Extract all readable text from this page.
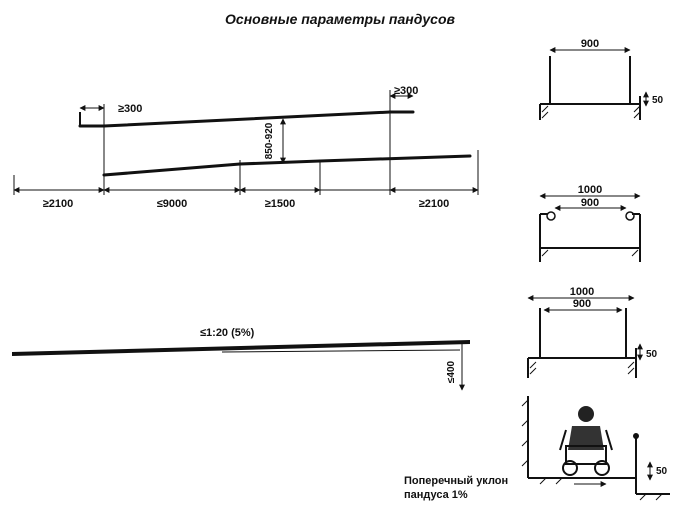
Основные параметры пандусов
≥300
≥300
850-920
≥2100	≤9000	≥1500	≥2100
≤1:20 (5%)
≤400
900
50
1000
900
1000
900
50
50
Поперечный уклон
пандуса 1%
